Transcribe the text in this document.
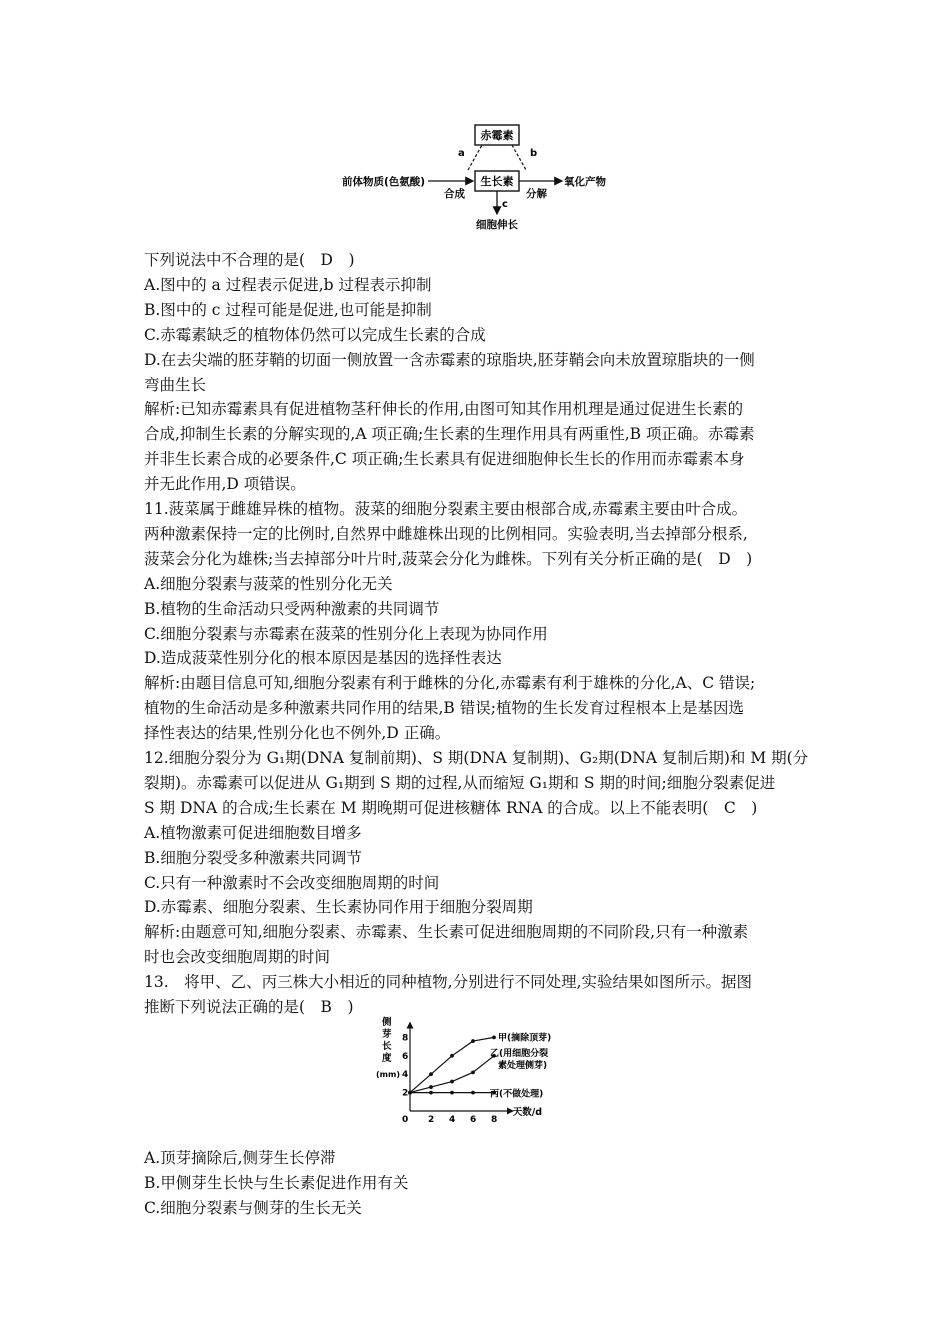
赤霉素
生长素
a	b
前体物质(色氨酸)
合成	分解
氧化产物
c
细胞伸长
下列说法中不合理的是(　D　)
A.图中的 a 过程表示促进,b 过程表示抑制
B.图中的 c 过程可能是促进,也可能是抑制
C.赤霉素缺乏的植物体仍然可以完成生长素的合成
D.在去尖端的胚芽鞘的切面一侧放置一含赤霉素的琼脂块,胚芽鞘会向未放置琼脂块的一侧
弯曲生长
解析:已知赤霉素具有促进植物茎秆伸长的作用,由图可知其作用机理是通过促进生长素的
合成,抑制生长素的分解实现的,A 项正确;生长素的生理作用具有两重性,B 项正确。赤霉素
并非生长素合成的必要条件,C 项正确;生长素具有促进细胞伸长生长的作用而赤霉素本身
并无此作用,D 项错误。
11.菠菜属于雌雄异株的植物。菠菜的细胞分裂素主要由根部合成,赤霉素主要由叶合成。
两种激素保持一定的比例时,自然界中雌雄株出现的比例相同。实验表明,当去掉部分根系,
菠菜会分化为雄株;当去掉部分叶片时,菠菜会分化为雌株。下列有关分析正确的是(　D　)
A.细胞分裂素与菠菜的性别分化无关
B.植物的生命活动只受两种激素的共同调节
C.细胞分裂素与赤霉素在菠菜的性别分化上表现为协同作用
D.造成菠菜性别分化的根本原因是基因的选择性表达
解析:由题目信息可知,细胞分裂素有利于雌株的分化,赤霉素有利于雄株的分化,A、C 错误;
植物的生命活动是多种激素共同作用的结果,B 错误;植物的生长发育过程根本上是基因选
择性表达的结果,性别分化也不例外,D 正确。
12.细胞分裂分为 G₁期(DNA 复制前期)、S 期(DNA 复制期)、G₂期(DNA 复制后期)和 M 期(分
裂期)。赤霉素可以促进从 G₁期到 S 期的过程,从而缩短 G₁期和 S 期的时间;细胞分裂素促进
S 期 DNA 的合成;生长素在 M 期晚期可促进核糖体 RNA 的合成。以上不能表明(　C　)
A.植物激素可促进细胞数目增多
B.细胞分裂受多种激素共同调节
C.只有一种激素时不会改变细胞周期的时间
D.赤霉素、细胞分裂素、生长素协同作用于细胞分裂周期
解析:由题意可知,细胞分裂素、赤霉素、生长素可促进细胞周期的不同阶段,只有一种激素
时也会改变细胞周期的时间
13.　将甲、乙、丙三株大小相近的同种植物,分别进行不同处理,实验结果如图所示。据图
推断下列说法正确的是(　B　)
侧芽长度(mm)
0 2 4 6 8
2
4
6
8
天数/d
甲(摘除顶芽)
乙(用细胞分裂
素处理侧芽)
丙(不做处理)
A.顶芽摘除后,侧芽生长停滞
B.甲侧芽生长快与生长素促进作用有关
C.细胞分裂素与侧芽的生长无关
